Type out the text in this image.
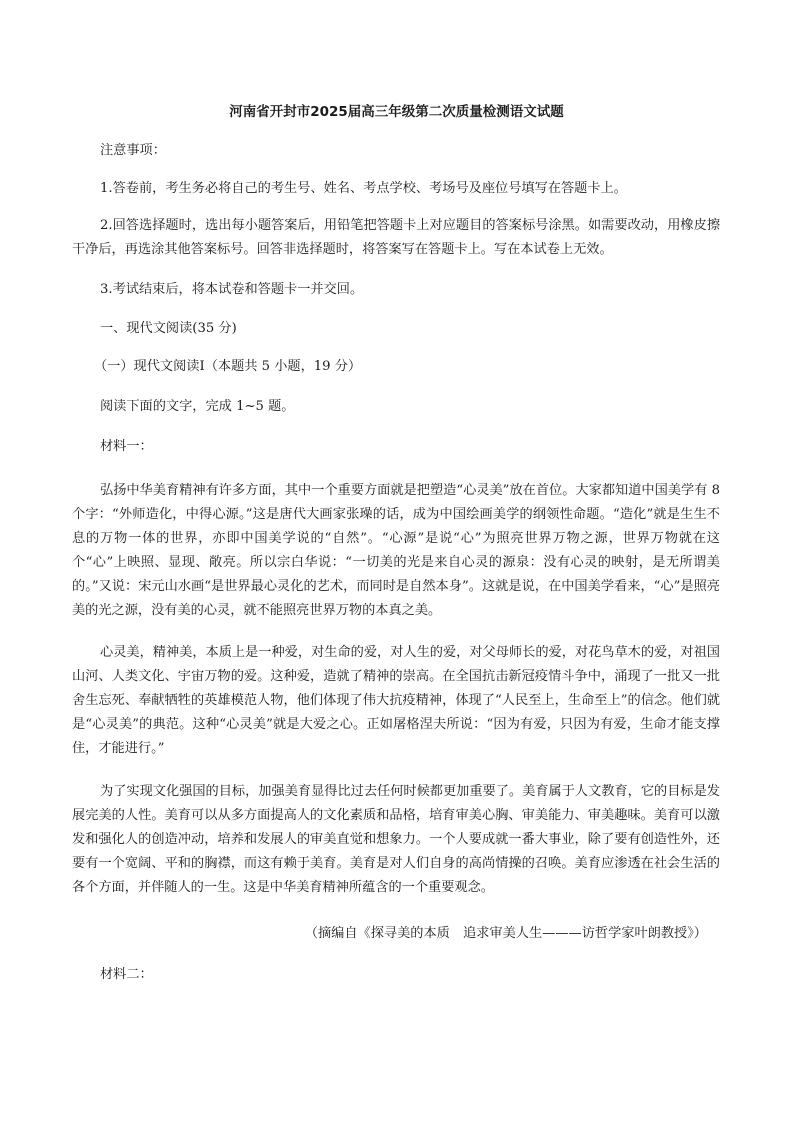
河南省开封市2025届高三年级第二次质量检测语文试题
注意事项：
1.答卷前，考生务必将自己的考生号、姓名、考点学校、考场号及座位号填写在答题卡上。
2.回答选择题时，选出每小题答案后，用铅笔把答题卡上对应题目的答案标号涂黑。如需要改动，用橡皮擦干净后，再选涂其他答案标号。回答非选择题时，将答案写在答题卡上。写在本试卷上无效。
3.考试结束后，将本试卷和答题卡一并交回。
一、现代文阅读(35 分)
（一）现代文阅读Ⅰ（本题共 5 小题，19 分）
阅读下面的文字，完成 1~5 题。
材料一：
弘扬中华美育精神有许多方面，其中一个重要方面就是把塑造“心灵美”放在首位。大家都知道中国美学有 8 个字：“外师造化，中得心源。”这是唐代大画家张璪的话，成为中国绘画美学的纲领性命题。“造化”就是生生不息的万物一体的世界，亦即中国美学说的“自然”。“心源”是说“心”为照亮世界万物之源，世界万物就在这个“心”上映照、显现、敞亮。所以宗白华说：“一切美的光是来自心灵的源泉：没有心灵的映射，是无所谓美的。”又说：宋元山水画“是世界最心灵化的艺术，而同时是自然本身”。这就是说，在中国美学看来，“心”是照亮美的光之源，没有美的心灵，就不能照亮世界万物的本真之美。
心灵美，精神美，本质上是一种爱，对生命的爱，对人生的爱，对父母师长的爱，对花鸟草木的爱，对祖国山河、人类文化、宇宙万物的爱。这种爱，造就了精神的崇高。在全国抗击新冠疫情斗争中，涌现了一批又一批舍生忘死、奉献牺牲的英雄模范人物，他们体现了伟大抗疫精神，体现了“人民至上，生命至上”的信念。他们就是“心灵美”的典范。这种“心灵美”就是大爱之心。正如屠格涅夫所说：“因为有爱，只因为有爱，生命才能支撑住，才能进行。”
为了实现文化强国的目标，加强美育显得比过去任何时候都更加重要了。美育属于人文教育，它的目标是发展完美的人性。美育可以从多方面提高人的文化素质和品格，培育审美心胸、审美能力、审美趣味。美育可以激发和强化人的创造冲动，培养和发展人的审美直觉和想象力。一个人要成就一番大事业，除了要有创造性外，还要有一个宽阔、平和的胸襟，而这有赖于美育。美育是对人们自身的高尚情操的召唤。美育应渗透在社会生活的各个方面，并伴随人的一生。这是中华美育精神所蕴含的一个重要观念。
（摘编自《探寻美的本质　追求审美人生———访哲学家叶朗教授》）
材料二：
